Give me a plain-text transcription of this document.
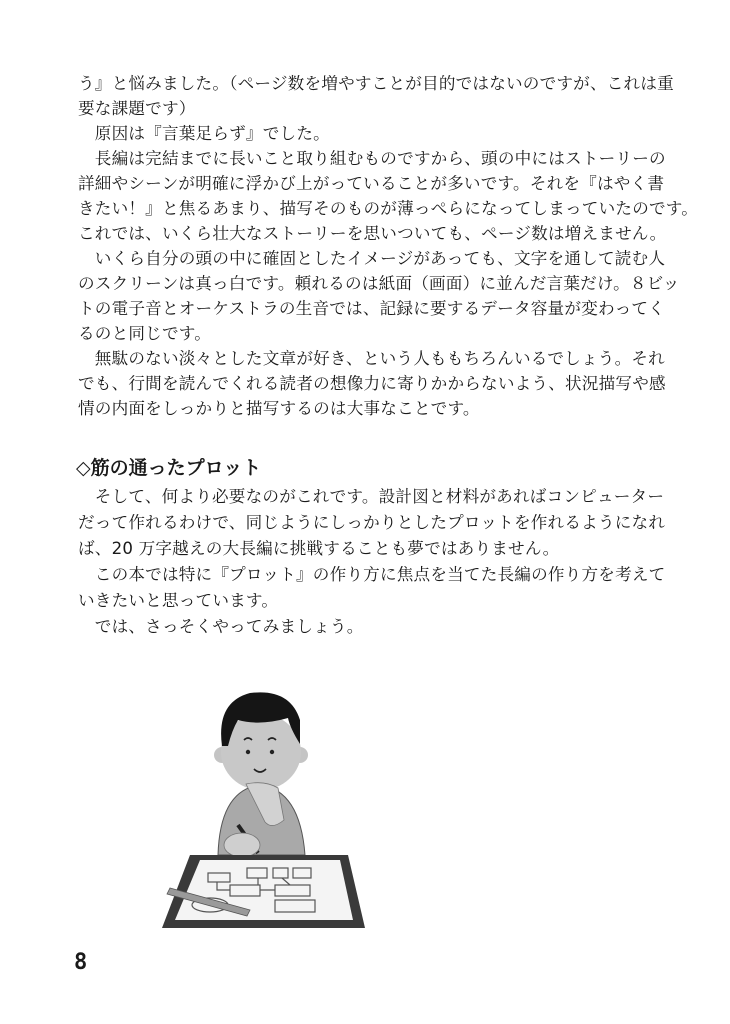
う』と悩みました。（ページ数を増やすことが目的ではないのですが、これは重
要な課題です）
　原因は『言葉足らず』でした。
　長編は完結までに長いこと取り組むものですから、頭の中にはストーリーの
詳細やシーンが明確に浮かび上がっていることが多いです。それを『はやく書
きたい！』と焦るあまり、描写そのものが薄っぺらになってしまっていたのです。
これでは、いくら壮大なストーリーを思いついても、ページ数は増えません。
　いくら自分の頭の中に確固としたイメージがあっても、文字を通して読む人
のスクリーンは真っ白です。頼れるのは紙面（画面）に並んだ言葉だけ。８ビッ
トの電子音とオーケストラの生音では、記録に要するデータ容量が変わってく
るのと同じです。
　無駄のない淡々とした文章が好き、という人ももちろんいるでしょう。それ
でも、行間を読んでくれる読者の想像力に寄りかからないよう、状況描写や感
情の内面をしっかりと描写するのは大事なことです。
◇筋の通ったプロット
　そして、何より必要なのがこれです。設計図と材料があればコンピューター
だって作れるわけで、同じようにしっかりとしたプロットを作れるようになれ
ば、20 万字越えの大長編に挑戦することも夢ではありません。
　この本では特に『プロット』の作り方に焦点を当てた長編の作り方を考えて
いきたいと思っています。
　では、さっそくやってみましょう。
8
